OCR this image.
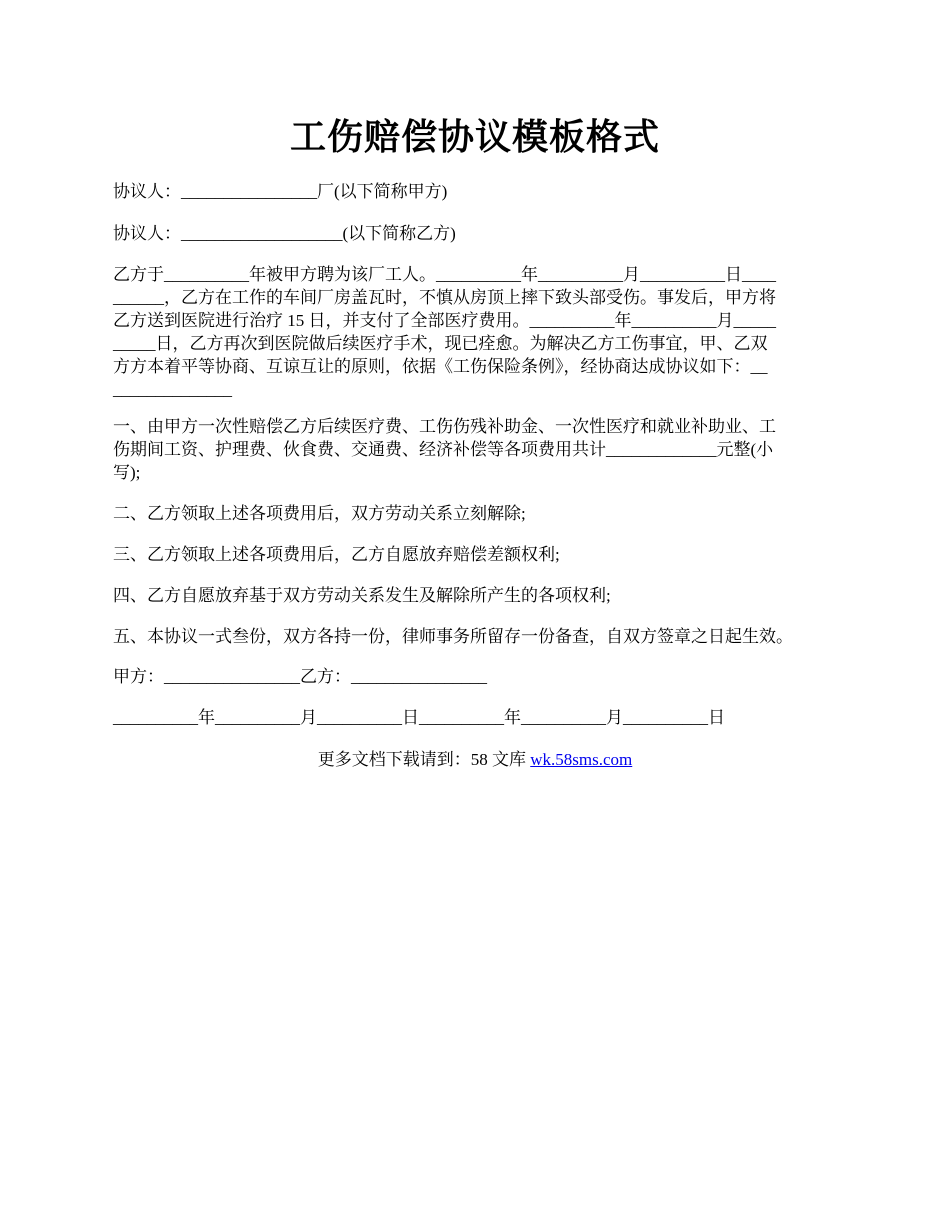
工伤赔偿协议模板格式
协议人：________________厂(以下简称甲方)
协议人：___________________(以下简称乙方)
乙方于__________年被甲方聘为该厂工人。__________年__________月__________日____
______，乙方在工作的车间厂房盖瓦时，不慎从房顶上摔下致头部受伤。事发后，甲方将
乙方送到医院进行治疗 15 日，并支付了全部医疗费用。__________年__________月_____
_____日，乙方再次到医院做后续医疗手术，现已痊愈。为解决乙方工伤事宜，甲、乙双
方方本着平等协商、互谅互让的原则，依据《工伤保险条例》，经协商达成协议如下：__
______________
一、由甲方一次性赔偿乙方后续医疗费、工伤伤残补助金、一次性医疗和就业补助业、工
伤期间工资、护理费、伙食费、交通费、经济补偿等各项费用共计_____________元整(小
写);
二、乙方领取上述各项费用后，双方劳动关系立刻解除;
三、乙方领取上述各项费用后，乙方自愿放弃赔偿差额权利;
四、乙方自愿放弃基于双方劳动关系发生及解除所产生的各项权利;
五、本协议一式叁份，双方各持一份，律师事务所留存一份备查，自双方签章之日起生效。
甲方：________________乙方：________________
__________年__________月__________日__________年__________月__________日
更多文档下载请到：58 文库 wk.58sms.com
